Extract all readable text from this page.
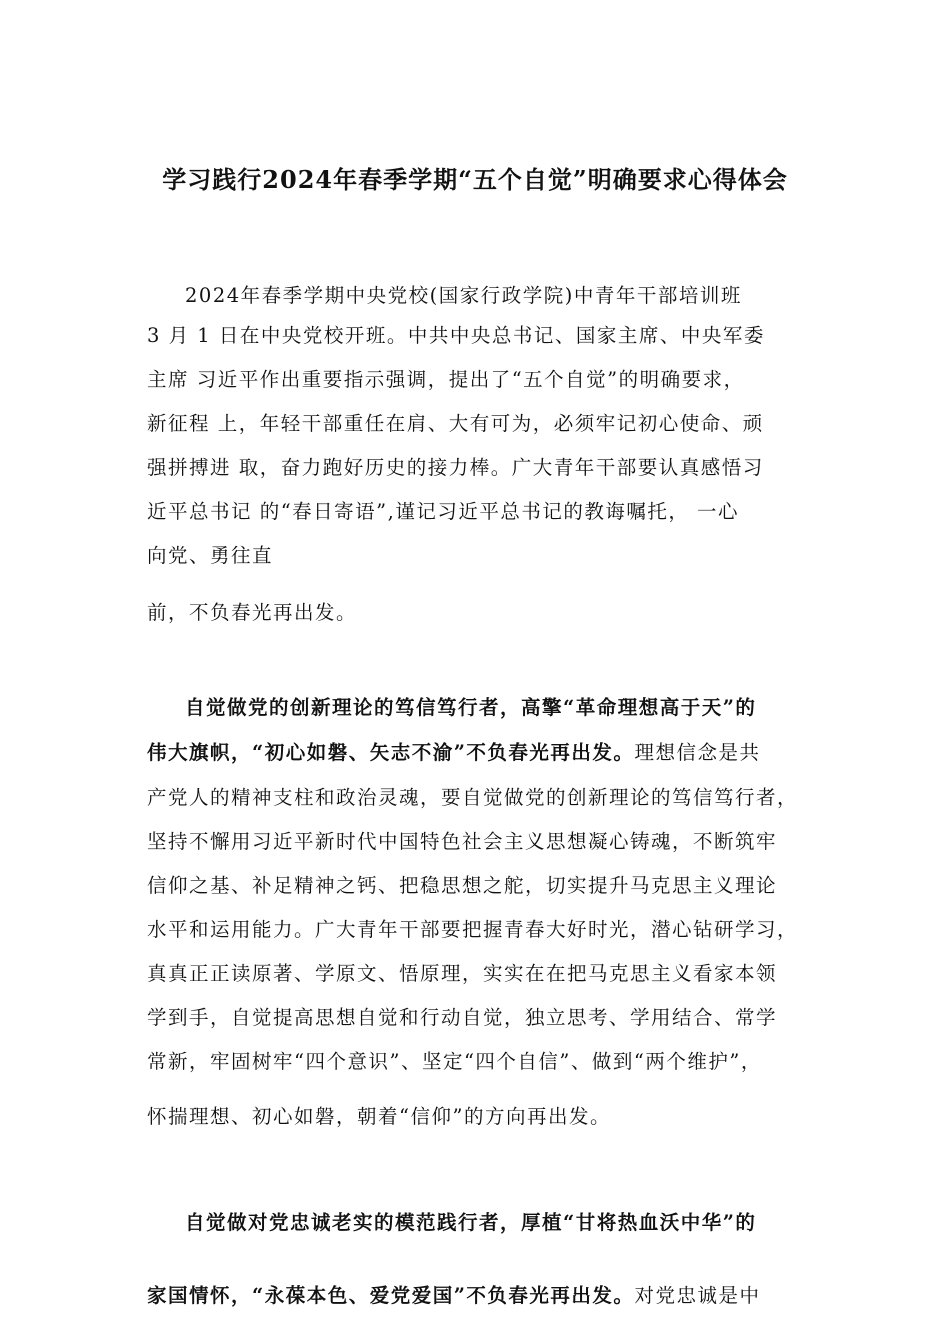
学习践行2024年春季学期“五个自觉”明确要求心得体会
2024年春季学期中央党校(国家行政学院)中青年干部培训班
3 月 1 日在中央党校开班。中共中央总书记、国家主席、中央军委
主席 习近平作出重要指示强调，提出了“五个自觉”的明确要求，
新征程 上，年轻干部重任在肩、大有可为，必须牢记初心使命、顽
强拼搏进 取，奋力跑好历史的接力棒。广大青年干部要认真感悟习
近平总书记 的“春日寄语”,谨记习近平总书记的教诲嘱托， 一心
向党、勇往直
前，不负春光再出发。
自觉做党的创新理论的笃信笃行者，高擎“革命理想高于天”的
伟大旗帜，“初心如磐、矢志不渝”不负春光再出发。理想信念是共
产党人的精神支柱和政治灵魂，要自觉做党的创新理论的笃信笃行者，
坚持不懈用习近平新时代中国特色社会主义思想凝心铸魂，不断筑牢
信仰之基、补足精神之钙、把稳思想之舵，切实提升马克思主义理论
水平和运用能力。广大青年干部要把握青春大好时光，潜心钻研学习，
真真正正读原著、学原文、悟原理，实实在在把马克思主义看家本领
学到手，自觉提高思想自觉和行动自觉，独立思考、学用结合、常学
常新，牢固树牢“四个意识”、坚定“四个自信”、做到“两个维护”，
怀揣理想、初心如磐，朝着“信仰”的方向再出发。
自觉做对党忠诚老实的模范践行者，厚植“甘将热血沃中华”的
家国情怀，“永葆本色、爱党爱国”不负春光再出发。对党忠诚是中
